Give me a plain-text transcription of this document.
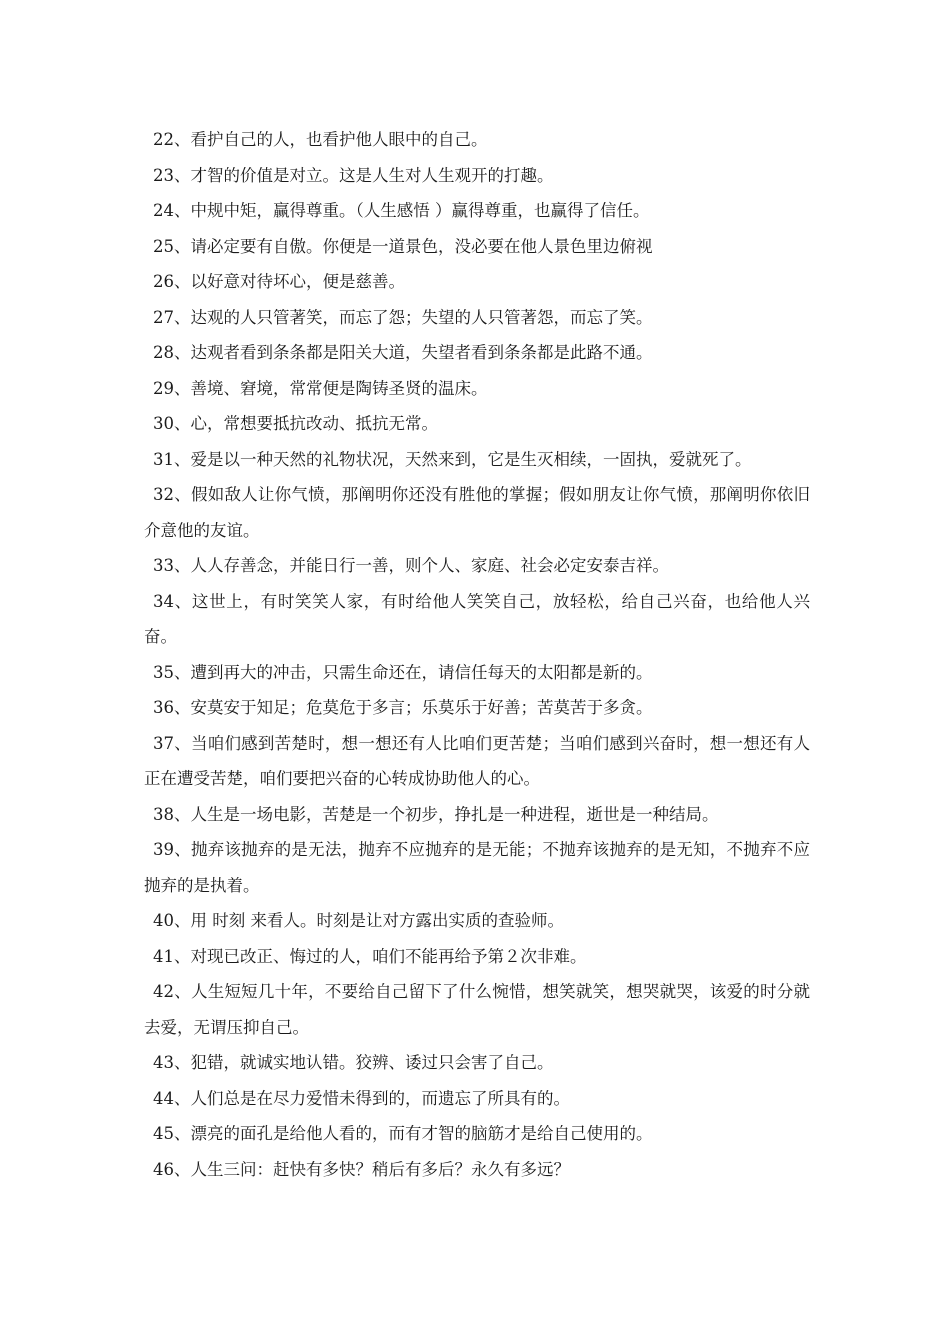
22、看护自己的人，也看护他人眼中的自己。

23、才智的价值是对立。这是人生对人生观开的打趣。

24、中规中矩，赢得尊重。（人生感悟 ）赢得尊重，也赢得了信任。

25、请必定要有自傲。你便是一道景色，没必要在他人景色里边俯视

26、以好意对待坏心，便是慈善。

27、达观的人只管著笑，而忘了怨；失望的人只管著怨，而忘了笑。

28、达观者看到条条都是阳关大道，失望者看到条条都是此路不通。

29、善境、窘境，常常便是陶铸圣贤的温床。

30、心，常想要抵抗改动、抵抗无常。

31、爱是以一种天然的礼物状况，天然来到，它是生灭相续，一固执，爱就死了。

32、假如敌人让你气愤，那阐明你还没有胜他的掌握；假如朋友让你气愤，那阐明你依旧介意他的友谊。

33、人人存善念，并能日行一善，则个人、家庭、社会必定安泰吉祥。

34、这世上，有时笑笑人家，有时给他人笑笑自己，放轻松，给自己兴奋，也给他人兴奋。

35、遭到再大的冲击，只需生命还在，请信任每天的太阳都是新的。

36、安莫安于知足；危莫危于多言；乐莫乐于好善；苦莫苦于多贪。

37、当咱们感到苦楚时，想一想还有人比咱们更苦楚；当咱们感到兴奋时，想一想还有人正在遭受苦楚，咱们要把兴奋的心转成协助他人的心。

38、人生是一场电影，苦楚是一个初步，挣扎是一种进程，逝世是一种结局。

39、抛弃该抛弃的是无法，抛弃不应抛弃的是无能；不抛弃该抛弃的是无知，不抛弃不应抛弃的是执着。

40、用 时刻 来看人。时刻是让对方露出实质的查验师。

41、对现已改正、悔过的人，咱们不能再给予第２次非难。

42、人生短短几十年，不要给自己留下了什么惋惜，想笑就笑，想哭就哭，该爱的时分就去爱，无谓压抑自己。

43、犯错，就诚实地认错。狡辨、诿过只会害了自己。

44、人们总是在尽力爱惜未得到的，而遗忘了所具有的。

45、漂亮的面孔是给他人看的，而有才智的脑筋才是给自己使用的。

46、人生三问：赶快有多快？稍后有多后？永久有多远？
